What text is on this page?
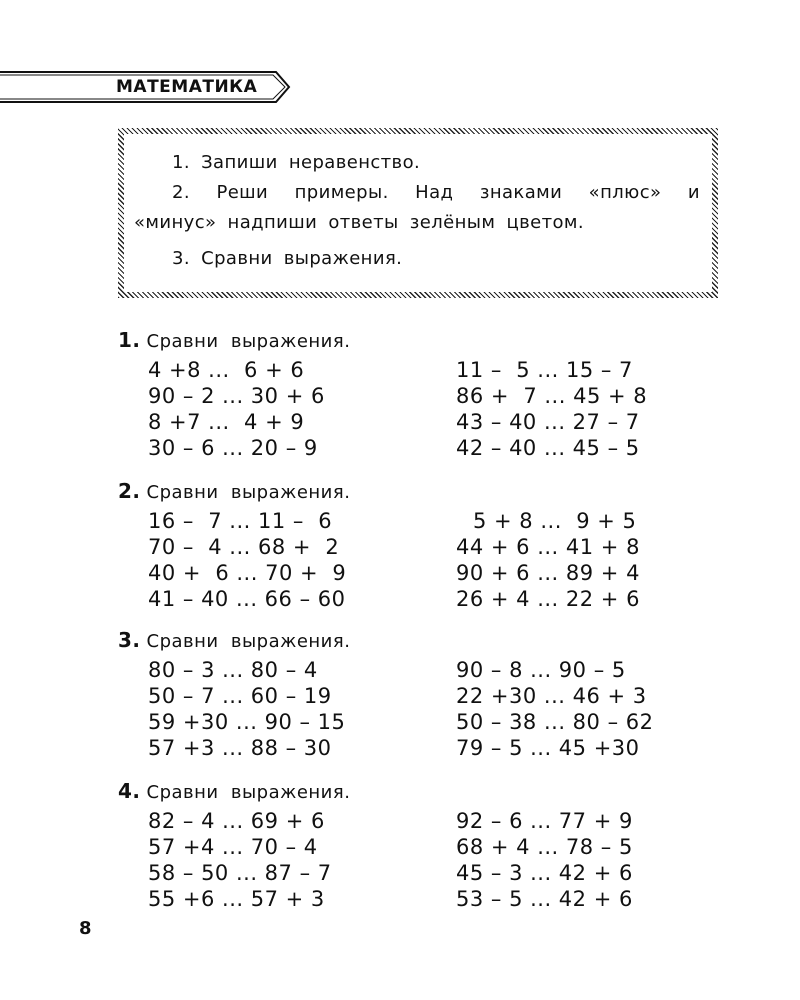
МАТЕМАТИКА

1. Запиши неравенство.

2. Реши примеры. Над знаками «плюс» и «минус» надпиши ответы зелёным цветом.

3. Сравни выражения.

1. Сравни выражения.
4 +8 ...  6 + 6
90 – 2 ... 30 + 6
8 +7 ...  4 + 9
30 – 6 ... 20 – 9
11 –  5 ... 15 – 7
86 +  7 ... 45 + 8
43 – 40 ... 27 – 7
42 – 40 ... 45 – 5
2. Сравни выражения.
16 –  7 ... 11 –  6
70 –  4 ... 68 +  2
40 +  6 ... 70 +  9
41 – 40 ... 66 – 60
5 + 8 ...  9 + 5
44 + 6 ... 41 + 8
90 + 6 ... 89 + 4
26 + 4 ... 22 + 6
3. Сравни выражения.
80 – 3 ... 80 – 4
50 – 7 ... 60 – 19
59 +30 ... 90 – 15
57 +3 ... 88 – 30
90 – 8 ... 90 – 5
22 +30 ... 46 + 3
50 – 38 ... 80 – 62
79 – 5 ... 45 +30
4. Сравни выражения.
82 – 4 ... 69 + 6
57 +4 ... 70 – 4
58 – 50 ... 87 – 7
55 +6 ... 57 + 3
92 – 6 ... 77 + 9
68 + 4 ... 78 – 5
45 – 3 ... 42 + 6
53 – 5 ... 42 + 6
8
